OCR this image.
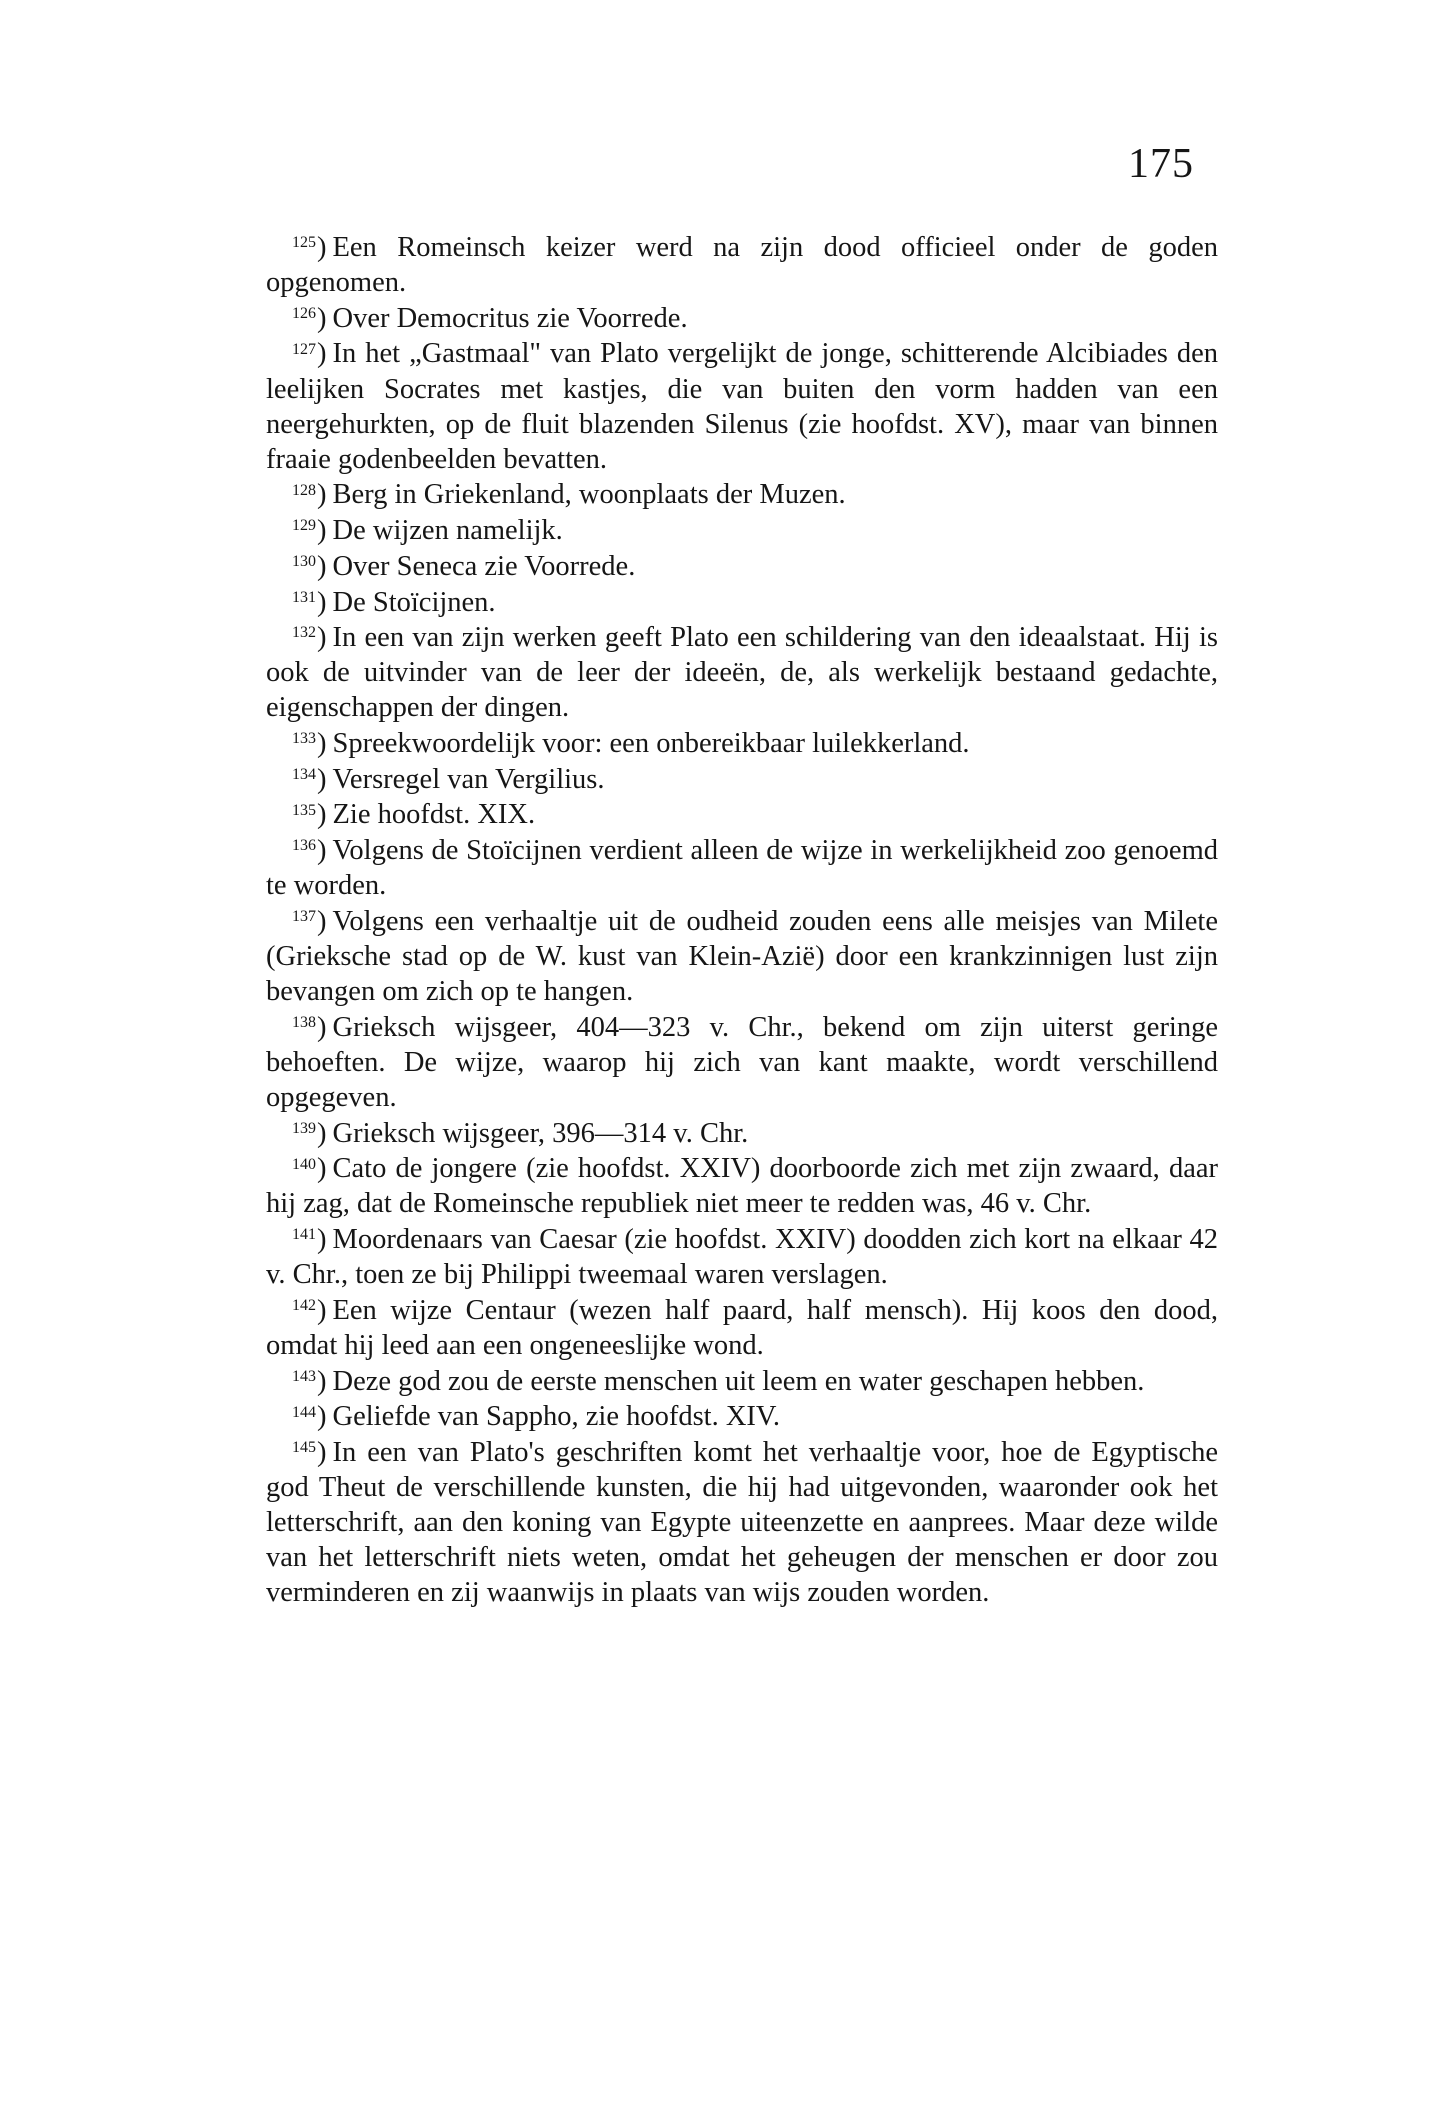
175

$^{125}$) Een Romeinsch keizer werd na zijn dood officieel onder de goden opgenomen.

$^{126}$) Over Democritus zie Voorrede.

$^{127}$) In het „Gastmaal" van Plato vergelijkt de jonge, schitterende Alcibiades den leelijken Socrates met kastjes, die van buiten den vorm hadden van een neergehurkten, op de fluit blazenden Silenus (zie hoofdst. XV), maar van binnen fraaie godenbeelden bevatten.

$^{128}$) Berg in Griekenland, woonplaats der Muzen.

$^{129}$) De wijzen namelijk.

$^{130}$) Over Seneca zie Voorrede.

$^{131}$) De Stoïcijnen.

$^{132}$) In een van zijn werken geeft Plato een schildering van den ideaalstaat. Hij is ook de uitvinder van de leer der ideeën, de, als werkelijk bestaand gedachte, eigenschappen der dingen.

$^{133}$) Spreekwoordelijk voor: een onbereikbaar luilekkerland.

$^{134}$) Versregel van Vergilius.

$^{135}$) Zie hoofdst. XIX.

$^{136}$) Volgens de Stoïcijnen verdient alleen de wijze in werkelijkheid zoo genoemd te worden.

$^{137}$) Volgens een verhaaltje uit de oudheid zouden eens alle meisjes van Milete (Grieksche stad op de W. kust van Klein-Azië) door een krankzinnigen lust zijn bevangen om zich op te hangen.

$^{138}$) Grieksch wijsgeer, 404—323 v. Chr., bekend om zijn uiterst geringe behoeften. De wijze, waarop hij zich van kant maakte, wordt verschillend opgegeven.

$^{139}$) Grieksch wijsgeer, 396—314 v. Chr.

$^{140}$) Cato de jongere (zie hoofdst. XXIV) doorboorde zich met zijn zwaard, daar hij zag, dat de Romeinsche republiek niet meer te redden was, 46 v. Chr.

$^{141}$) Moordenaars van Caesar (zie hoofdst. XXIV) doodden zich kort na elkaar 42 v. Chr., toen ze bij Philippi tweemaal waren verslagen.

$^{142}$) Een wijze Centaur (wezen half paard, half mensch). Hij koos den dood, omdat hij leed aan een ongeneeslijke wond.

$^{143}$) Deze god zou de eerste menschen uit leem en water geschapen hebben.

$^{144}$) Geliefde van Sappho, zie hoofdst. XIV.

$^{145}$) In een van Plato's geschriften komt het verhaaltje voor, hoe de Egyptische god Theut de verschillende kunsten, die hij had uitgevonden, waaronder ook het letterschrift, aan den koning van Egypte uiteenzette en aanprees. Maar deze wilde van het letterschrift niets weten, omdat het geheugen der menschen er door zou verminderen en zij waanwijs in plaats van wijs zouden worden.
